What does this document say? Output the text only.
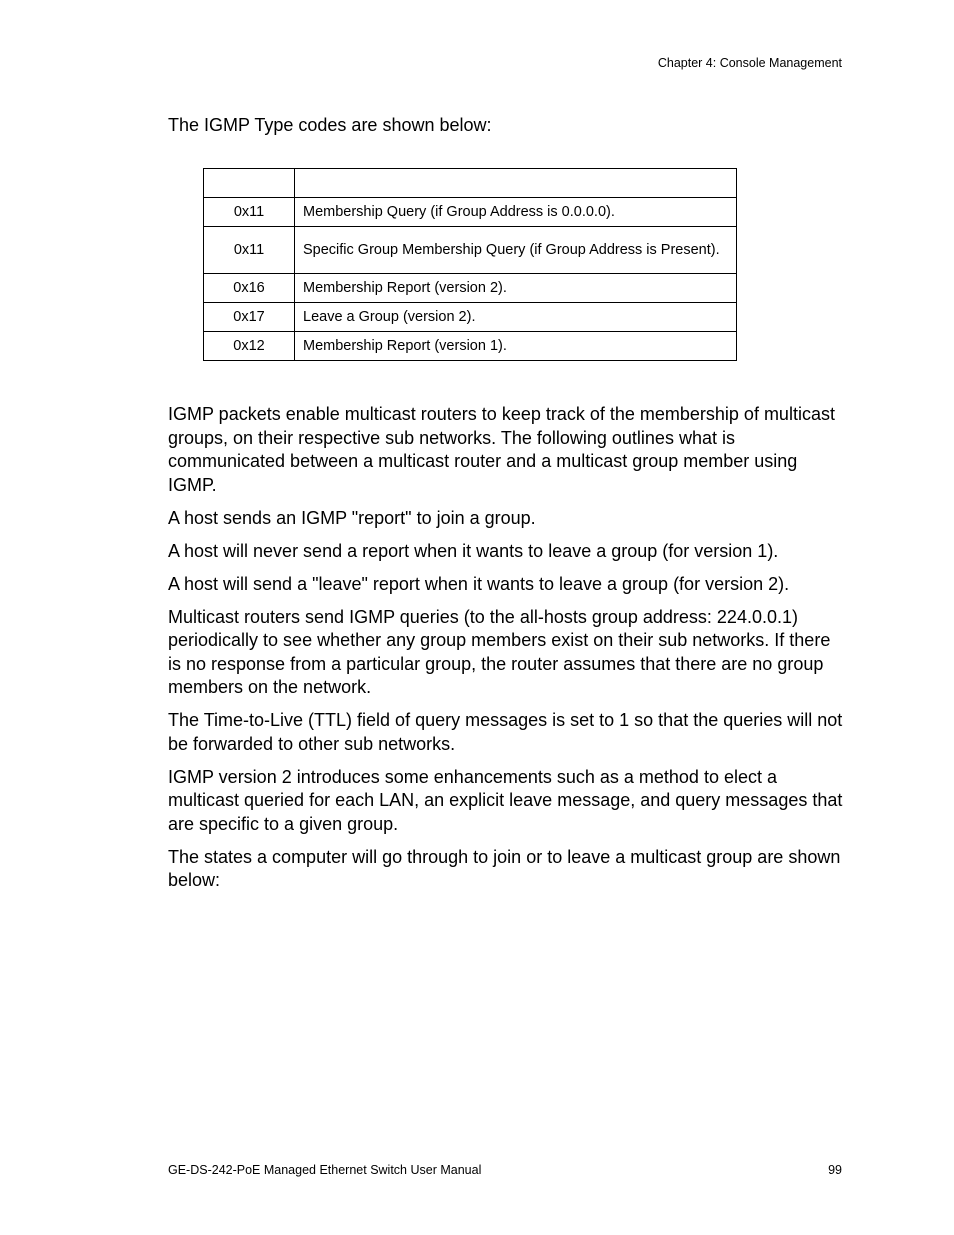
Chapter 4: Console Management

The IGMP Type codes are shown below:

0x11	Membership Query (if Group Address is 0.0.0.0).
0x11	Specific Group Membership Query (if Group Address is Present).
0x16	Membership Report (version 2).
0x17	Leave a Group (version 2).
0x12	Membership Report (version 1).

IGMP packets enable multicast routers to keep track of the membership of multicast groups, on their respective sub networks. The following outlines what is communicated between a multicast router and a multicast group member using IGMP.

A host sends an IGMP "report" to join a group.

A host will never send a report when it wants to leave a group (for version 1).

A host will send a "leave" report when it wants to leave a group (for version 2).

Multicast routers send IGMP queries (to the all-hosts group address: 224.0.0.1) periodically to see whether any group members exist on their sub networks. If there is no response from a particular group, the router assumes that there are no group members on the network.

The Time-to-Live (TTL) field of query messages is set to 1 so that the queries will not be forwarded to other sub networks.

IGMP version 2 introduces some enhancements such as a method to elect a multicast queried for each LAN, an explicit leave message, and query messages that are specific to a given group.

The states a computer will go through to join or to leave a multicast group are shown below:

GE-DS-242-PoE Managed Ethernet Switch User Manual	99
